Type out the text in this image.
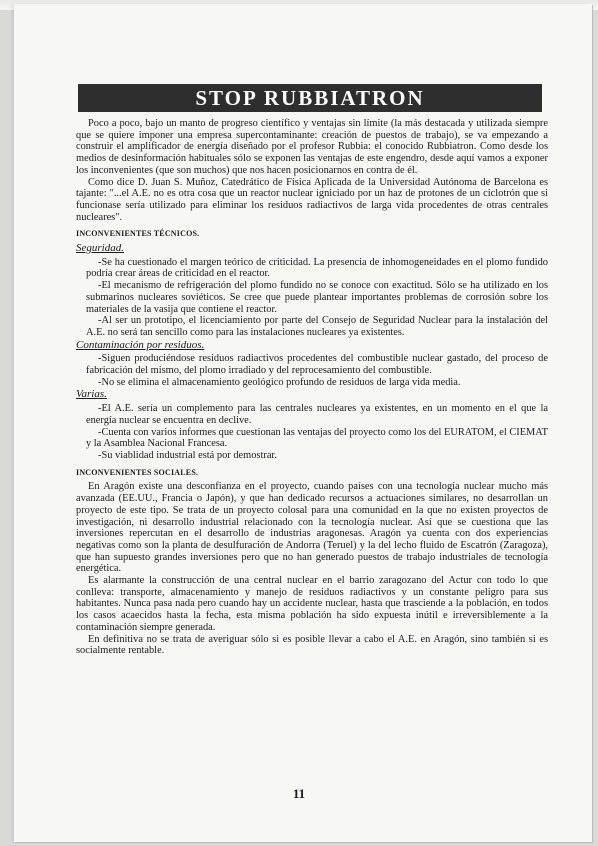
STOP RUBBIATRON

Poco a poco, bajo un manto de progreso científico y ventajas sin límite (la más destacada y utilizada siempre que se quiere imponer una empresa supercontaminante: creación de puestos de trabajo), se va empezando a construir el amplificador de energía diseñado por el profesor Rubbia: el conocido Rubbiatron. Como desde los medios de desinformación habituales sólo se exponen las ventajas de este engendro, desde aquí vamos a exponer los inconvenientes (que son muchos) que nos hacen posicionarnos en contra de él.

Como dice D. Juan S. Muñoz, Catedrático de Física Aplicada de la Universidad Autónoma de Barcelona es tajante: "...el A.E. no es otra cosa que un reactor nuclear igniciado por un haz de protones de un ciclotrón que si funcionase sería utilizado para eliminar los residuos radiactivos de larga vida procedentes de otras centrales nucleares".

INCONVENIENTES TÉCNICOS.
Seguridad.

-Se ha cuestionado el margen teórico de criticidad. La presencia de inhomogeneidades en el plomo fundido podría crear áreas de criticidad en el reactor.

-El mecanismo de refrigeración del plomo fundido no se conoce con exactitud. Sólo se ha utilizado en los submarinos nucleares soviéticos. Se cree que puede plantear importantes problemas de corrosión sobre los materiales de la vasija que contiene el reactor.

-Al ser un prototipo, el licenciamiento por parte del Consejo de Seguridad Nuclear para la instalación del A.E. no será tan sencillo como para las instalaciones nucleares ya existentes.

Contaminación por residuos.

-Siguen produciéndose residuos radiactivos procedentes del combustible nuclear gastado, del proceso de fabricación del mismo, del plomo irradiado y del reprocesamiento del combustible.

-No se elimina el almacenamiento geológico profundo de residuos de larga vida media.

Varias.

-El A.E. sería un complemento para las centrales nucleares ya existentes, en un momento en el que la energía nuclear se encuentra en declive.

-Cuenta con varios informes que cuestionan las ventajas del proyecto como los del EURATOM, el CIEMAT y la Asamblea Nacional Francesa.

-Su viablidad industrial está por demostrar.

INCONVENIENTES SOCIALES.

En Aragón existe una desconfianza en el proyecto, cuando países con una tecnología nuclear mucho más avanzada (EE.UU., Francia o Japón), y que han dedicado recursos a actuaciones similares, no desarrollan un proyecto de este tipo. Se trata de un proyecto colosal para una comunidad en la que no existen proyectos de investigación, ni desarrollo industrial relacionado con la tecnología nuclear. Así que se cuestiona que las inversiones repercutan en el desarrollo de industrias aragonesas. Aragón ya cuenta con dos experiencias negativas como son la planta de desulfuración de Andorra (Teruel) y la del lecho fluido de Escatrón (Zaragoza), que han supuesto grandes inversiones pero que no han generado puestos de trabajo industriales de tecnología energética.

Es alarmante la construcción de una central nuclear en el barrio zaragozano del Actur con todo lo que conlleva: transporte, almacenamiento y manejo de residuos radiactivos y un constante peligro para sus habitantes. Nunca pasa nada pero cuando hay un accidente nuclear, hasta que trasciende a la población, en todos los casos acaecidos hasta la fecha, esta misma población ha sido expuesta inútil e irreversiblemente a la contaminación siempre generada.

En definitiva no se trata de averiguar sólo si es posible llevar a cabo el A.E. en Aragón, sino también si es socialmente rentable.

11
